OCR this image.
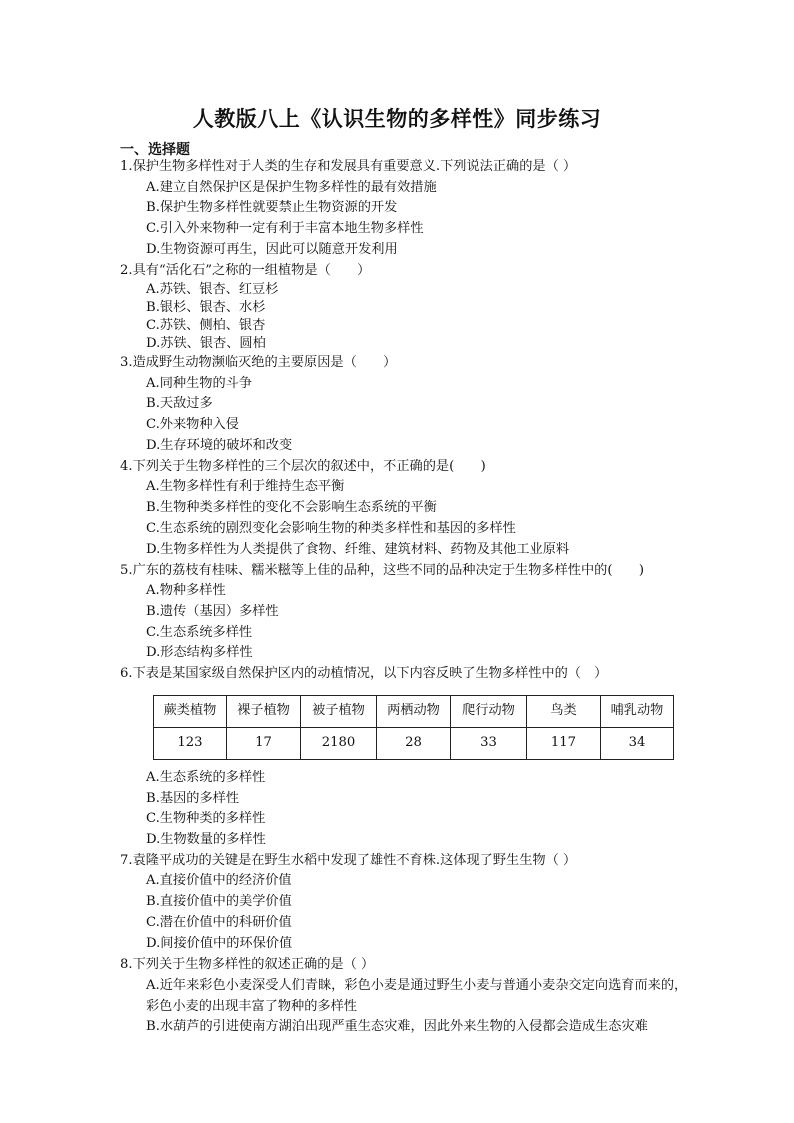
人教版八上《认识生物的多样性》同步练习
一、选择题
1.保护生物多样性对于人类的生存和发展具有重要意义.下列说法正确的是（ ）
A.建立自然保护区是保护生物多样性的最有效措施
B.保护生物多样性就要禁止生物资源的开发
C.引入外来物种一定有利于丰富本地生物多样性
D.生物资源可再生，因此可以随意开发利用
2.具有“活化石”之称的一组植物是（　　）
A.苏铁、银杏、红豆杉
B.银杉、银杏、水杉
C.苏铁、侧柏、银杏
D.苏铁、银杏、圆柏
3.造成野生动物濒临灭绝的主要原因是（　　）
A.同种生物的斗争
B.天敌过多
C.外来物种入侵
D.生存环境的破坏和改变
4.下列关于生物多样性的三个层次的叙述中，不正确的是(　　)
A.生物多样性有利于维持生态平衡
B.生物种类多样性的变化不会影响生态系统的平衡
C.生态系统的剧烈变化会影响生物的种类多样性和基因的多样性
D.生物多样性为人类提供了食物、纤维、建筑材料、药物及其他工业原料
5.广东的荔枝有桂味、糯米糍等上佳的品种，这些不同的品种决定于生物多样性中的(　　)
A.物种多样性
B.遗传（基因）多样性
C.生态系统多样性
D.形态结构多样性
6.下表是某国家级自然保护区内的动植情况，以下内容反映了生物多样性中的（　）
蕨类植物	裸子植物	被子植物	两栖动物	爬行动物	鸟类	哺乳动物
123	17	2180	28	33	117	34
A.生态系统的多样性
B.基因的多样性
C.生物种类的多样性
D.生物数量的多样性
7.袁隆平成功的关键是在野生水稻中发现了雄性不育株.这体现了野生生物（ ）
A.直接价值中的经济价值
B.直接价值中的美学价值
C.潜在价值中的科研价值
D.间接价值中的环保价值
8.下列关于生物多样性的叙述正确的是（ ）
A.近年来彩色小麦深受人们青睐，彩色小麦是通过野生小麦与普通小麦杂交定向选育而来的，彩色小麦的出现丰富了物种的多样性
B.水葫芦的引进使南方湖泊出现严重生态灾难，因此外来生物的入侵都会造成生态灾难
